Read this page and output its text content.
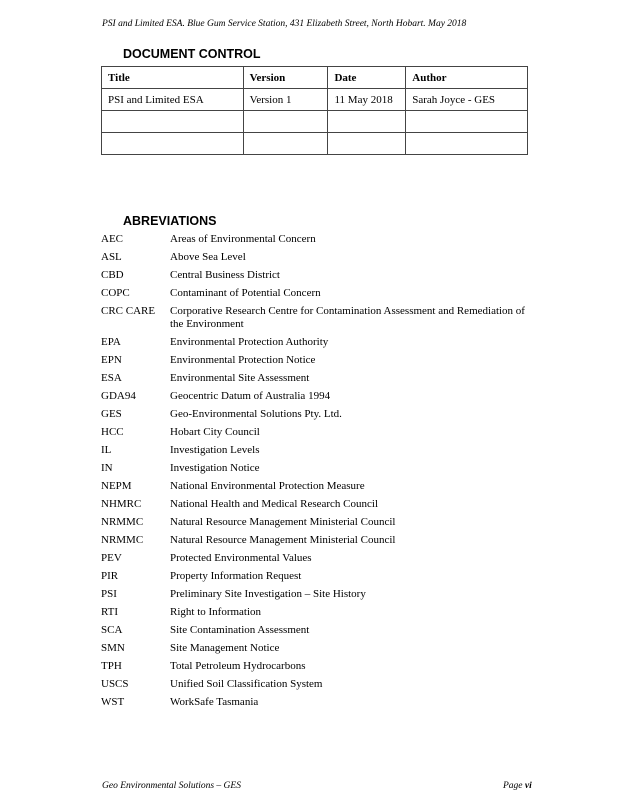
PSI and Limited ESA. Blue Gum Service Station, 431 Elizabeth Street, North Hobart. May 2018
DOCUMENT CONTROL
Title	Version	Date	Author
PSI and Limited ESA	Version 1	11 May 2018	Sarah Joyce - GES

ABREVIATIONS
AEC	Areas of Environmental Concern
ASL	Above Sea Level
CBD	Central Business District
COPC	Contaminant of Potential Concern
CRC CARE	Corporative Research Centre for Contamination Assessment and Remediation of the Environment
EPA	Environmental Protection Authority
EPN	Environmental Protection Notice
ESA	Environmental Site Assessment
GDA94	Geocentric Datum of Australia 1994
GES	Geo-Environmental Solutions Pty. Ltd.
HCC	Hobart City Council
IL	Investigation Levels
IN	Investigation Notice
NEPM	National Environmental Protection Measure
NHMRC	National Health and Medical Research Council
NRMMC	Natural Resource Management Ministerial Council
NRMMC	Natural Resource Management Ministerial Council
PEV	Protected Environmental Values
PIR	Property Information Request
PSI	Preliminary Site Investigation – Site History
RTI	Right to Information
SCA	Site Contamination Assessment
SMN	Site Management Notice
TPH	Total Petroleum Hydrocarbons
USCS	Unified Soil Classification System
WST	WorkSafe Tasmania
Geo Environmental Solutions – GES	Page vi
